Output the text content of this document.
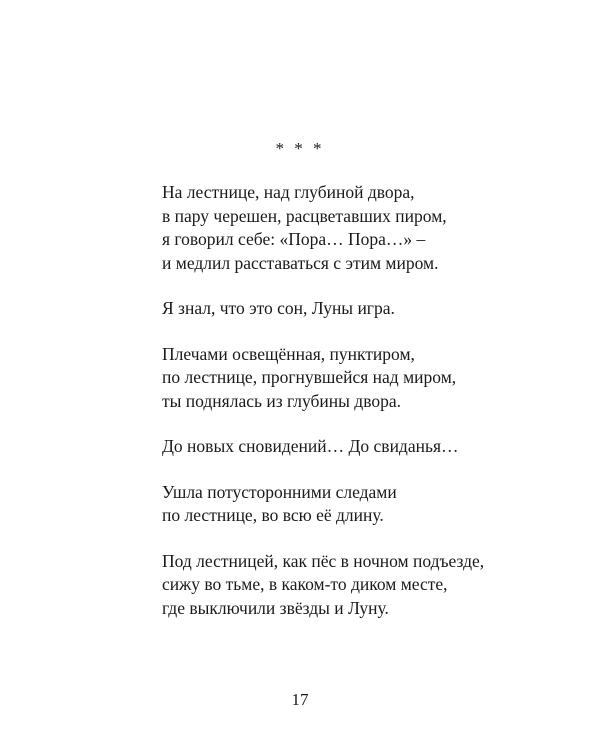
* * *
На лестнице, над глубиной двора,
в пару черешен, расцветавших пиром,
я говорил себе: «Пора… Пора…» –
и медлил расставаться с этим миром.
Я знал, что это сон, Луны игра.
Плечами освещённая, пунктиром,
по лестнице, прогнувшейся над миром,
ты поднялась из глубины двора.
До новых сновидений… До свиданья…
Ушла потусторонними следами
по лестнице, во всю её длину.
Под лестницей, как пёс в ночном подъезде,
сижу во тьме, в каком-то диком месте,
где выключили звёзды и Луну.
17
